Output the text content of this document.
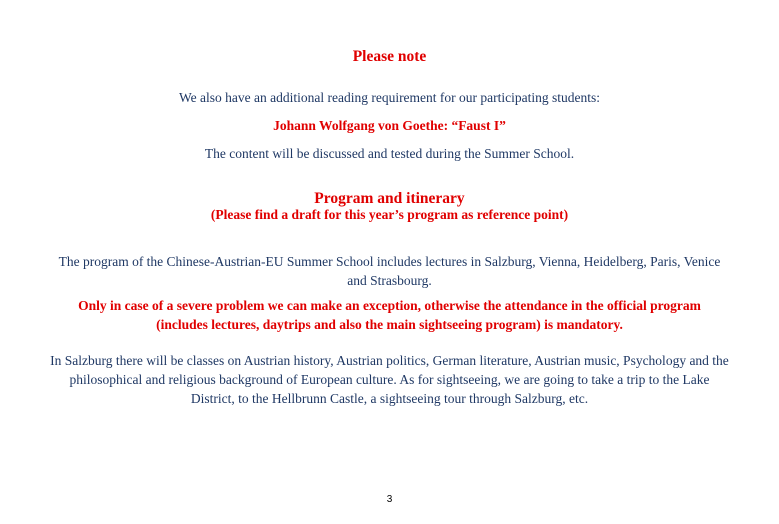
Please note
We also have an additional reading requirement for our participating students:
Johann Wolfgang von Goethe: “Faust I”
The content will be discussed and tested during the Summer School.
Program and itinerary
(Please find a draft for this year’s program as reference point)
The program of the Chinese-Austrian-EU Summer School includes lectures in Salzburg, Vienna, Heidelberg, Paris, Venice and Strasbourg.
Only in case of a severe problem we can make an exception, otherwise the attendance in the official program (includes lectures, daytrips and also the main sightseeing program) is mandatory.
In Salzburg there will be classes on Austrian history, Austrian politics, German literature, Austrian music, Psychology and the philosophical and religious background of European culture. As for sightseeing, we are going to take a trip to the Lake District, to the Hellbrunn Castle, a sightseeing tour through Salzburg, etc.
3
